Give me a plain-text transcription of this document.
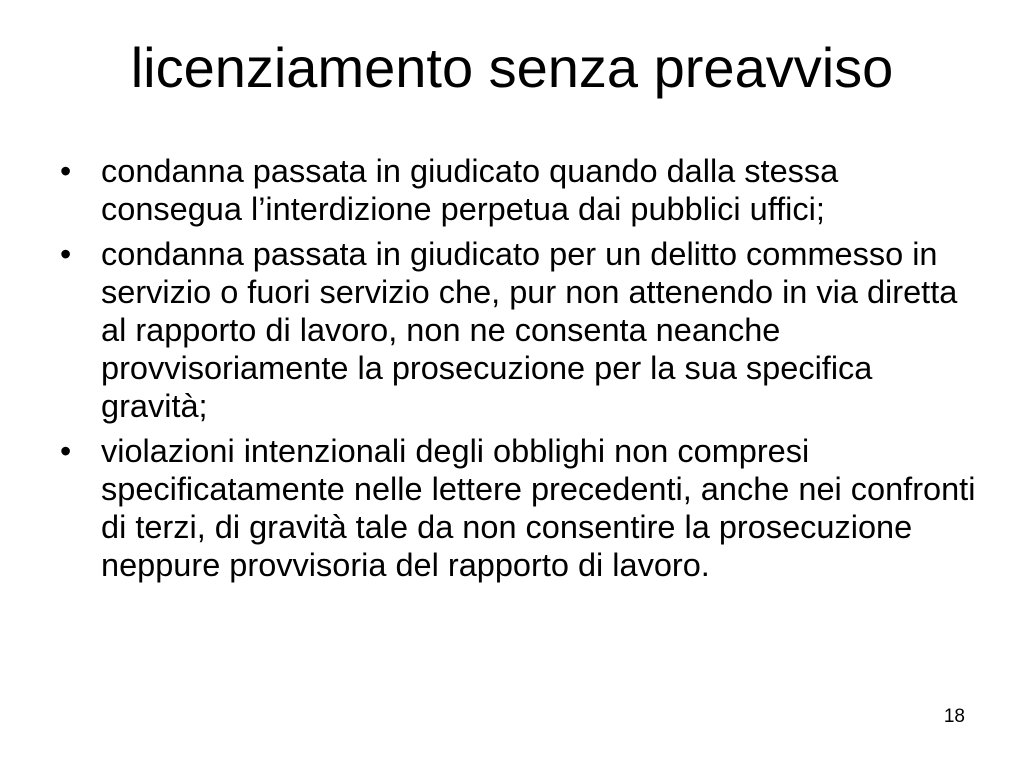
licenziamento senza preavviso
• condanna passata in giudicato quando dalla stessa consegua l’interdizione perpetua dai pubblici uffici;
• condanna passata in giudicato per un delitto commesso in servizio o fuori servizio che, pur non attenendo in via diretta al rapporto di lavoro, non ne consenta neanche provvisoriamente la prosecuzione per la sua specifica gravità;
• violazioni intenzionali degli obblighi non compresi specificatamente nelle lettere precedenti, anche nei confronti di terzi, di gravità tale da non consentire la prosecuzione neppure provvisoria del rapporto di lavoro.
18
